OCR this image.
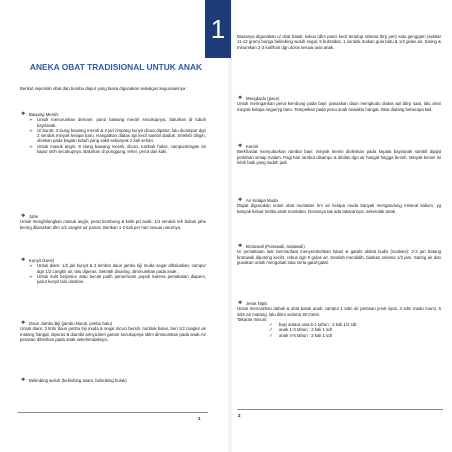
ANEKA OBAT TRADISIONAL UNTUK ANAK
Berikut sejumlah obat dan bumbu dapur yang biasa digunakan sekaligus kegunaannya :
❖ Bawang Merah:
➢ Untuk menurunkan demam: parut bawang merah secukupnya, balurkan di tubuh bayi/anak.
➢ U/ borok: 3 siung bawang merah & 2 jari rimpang kunyit dicuci,diparut, lalu dicampur dgn 2 sendok minyak kelapa baru. Hangatkan diatas api kecil sambil diaduk. Setelah dingin, oleskan pada bagian tubuh yang sakit sebanyak 2 kali sehari.
➢ Untuk masuk angin: 8 siung bawang merah, dicuci, tumbuk halus, campurdengan air kapur sirih secukupnya. Balurkan di punggung, leher, perut dan kaki.
❖ Jahe
Untuk menghilangkan masuk angin, perut kembung & kolik pd anak: 1/4 sendok teh bubuk jahe kering dilarutkan dlm 1/2 cangkir air panas. Berikan 1-2 kali per hari sesuai umurnya.
❖ Kunyit (kunir)
➢ Untuk diare: 1/2 jari kunyit & 3 lembar daun jambu biji muda segar dihaluskan, campur dgn 1/2 cangkir air, lalu diperas. Setelah disaring, diminumkan pada anak .
➢ Untuk kulit berjamur atau becak putih jamur/ruam popok karena pemakaian diapers, parut kunyit lalu oleskan.
❖ Daun Jambu Biji (jambu klutuk, jambu batu)
Untuk diare: 3 lmbr daun jambu biji muda & segar dicuci bersih, tumbuk halus, beri 1/2 cangkir air matang hangat, diperas & diambil airnya.Beri garam secukupnya sblm diminumkan pada anak.Air perasan diberikan pada anak sekehendaknya.
❖ Belimbing wuluh (belimbing asam, belimbing buluk)
1
1	Biasanya digunakan u/ obat batuk: kukus (dlm panci kecil tertutup selama tbrp jam) satu genggam (sekitar 11-12 gram) bunga belimbing wuluh segar, 5 butiradas, 1 sendok makan gula batu & 1/2 gelas air. Saring & minumkan 2-3 kali/hari dgn dosis sesuai usia anak.
❖ Mengkudu (pace)
Untuk meringankan perut kembung pada bayi: panaskan daun mengkudu diatas api bbrp saat, lalu olesi minyak kelapa segar/yg baru. Tempelkan pada perut anak sewaktu hangat. Bisa diulang beberapa kali.
❖ Kemiri
Berkhasiat menyuburkan rambut bayi: minyak kemiri dioleskan pada kepala bayi/anak sambil dipijat perlahan setiap malam. Pagi hari rambut disampo & dibilas dgn air hangat hingga bersih. Minyak kemiri ini lebih baik yang sudah jadi.
❖ Air Kelapa Muda
Dapat digunakan untuk obat muntaber krn air kelapa muda banyak mengandung mineral kalium, yg banyak keluar ketika anak muntaber. Dosisnya tak ada takarannya, sekendak anak.
❖ Brotowali (Putrawali, andawali)
U/ pemakaian luar bermanfaat menyembuhkan luka2 & gatal2 akibat kudis (scabies): 2-3 jari batang brotowali dipotong kecil2, rebus dgn 6 gelas air. Setelah mendidih, biarkan selama 1/2 jam. Saring air dan gunakan untuk mengobati luka serta gatal-gatal.
❖ Jeruk Nipis
Untuk mencairkan dahak & obat batuk anak: campur 1 sdm air perasan jeruk nipis, 3 sdm madu murni, 5 sdm air matang, lalu ditim selama 30 menit.
Takaran minum:
✓	bayi antara usia 6-1 tahun : 2 kali 1/2 sdt
✓	anak 1-3 tahun : 2 kali 1 sdt
✓	anak 4-5 tahun : 2 kali 1 sdt
2
